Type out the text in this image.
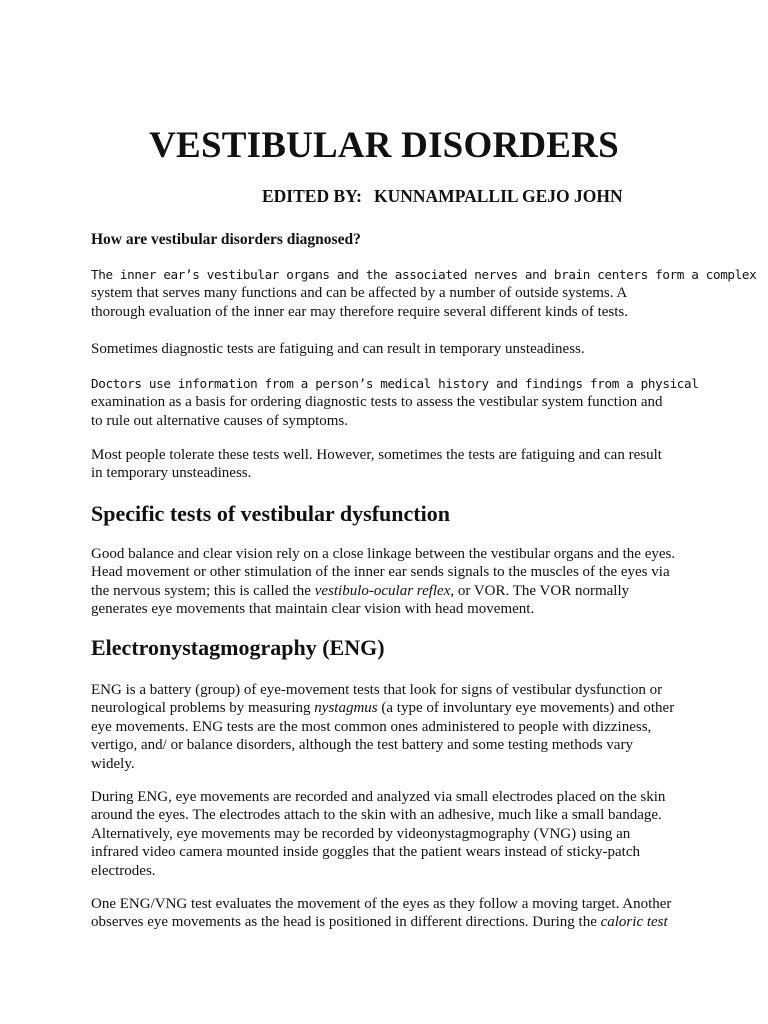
VESTIBULAR DISORDERS
EDITED BY: KUNNAMPALLIL GEJO JOHN
How are vestibular disorders diagnosed?

The inner ear’s vestibular organs and the associated nerves and brain centers form a complex
system that serves many functions and can be affected by a number of outside systems. A
thorough evaluation of the inner ear may therefore require several different kinds of tests.

Sometimes diagnostic tests are fatiguing and can result in temporary unsteadiness.

Doctors use information from a person’s medical history and findings from a physical
examination as a basis for ordering diagnostic tests to assess the vestibular system function and
to rule out alternative causes of symptoms.

Most people tolerate these tests well. However, sometimes the tests are fatiguing and can result
in temporary unsteadiness.

Specific tests of vestibular dysfunction

Good balance and clear vision rely on a close linkage between the vestibular organs and the eyes.
Head movement or other stimulation of the inner ear sends signals to the muscles of the eyes via
the nervous system; this is called the vestibulo-ocular reflex, or VOR. The VOR normally
generates eye movements that maintain clear vision with head movement.

Electronystagmography (ENG)

ENG is a battery (group) of eye-movement tests that look for signs of vestibular dysfunction or
neurological problems by measuring nystagmus (a type of involuntary eye movements) and other
eye movements. ENG tests are the most common ones administered to people with dizziness,
vertigo, and/ or balance disorders, although the test battery and some testing methods vary
widely.

During ENG, eye movements are recorded and analyzed via small electrodes placed on the skin
around the eyes. The electrodes attach to the skin with an adhesive, much like a small bandage.
Alternatively, eye movements may be recorded by videonystagmography (VNG) using an
infrared video camera mounted inside goggles that the patient wears instead of sticky-patch
electrodes.

One ENG/VNG test evaluates the movement of the eyes as they follow a moving target. Another
observes eye movements as the head is positioned in different directions. During the caloric test
